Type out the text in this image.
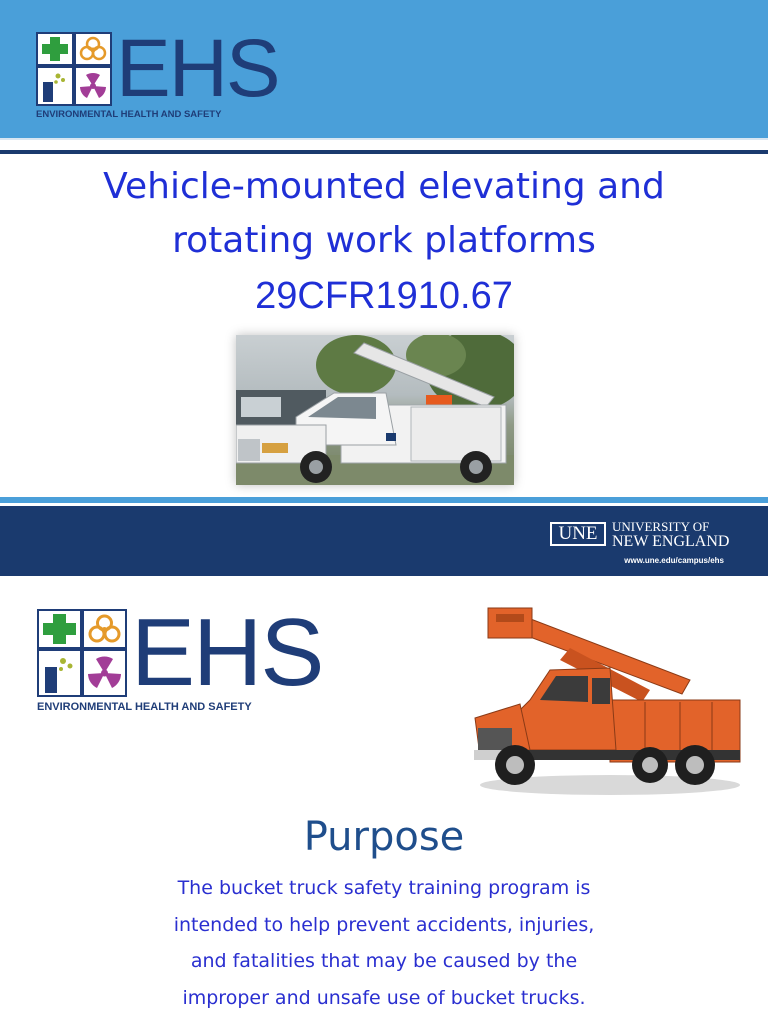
EHS
ENVIRONMENTAL HEALTH AND SAFETY
Vehicle-mounted elevating and
rotating work platforms
29CFR1910.67
UNE	UNIVERSITY OF
NEW ENGLAND
www.une.edu/campus/ehs
EHS
ENVIRONMENTAL HEALTH AND SAFETY
Purpose
The bucket truck safety training program is
intended to help prevent accidents, injuries,
and fatalities that may be caused by the
improper and unsafe use of bucket trucks.
